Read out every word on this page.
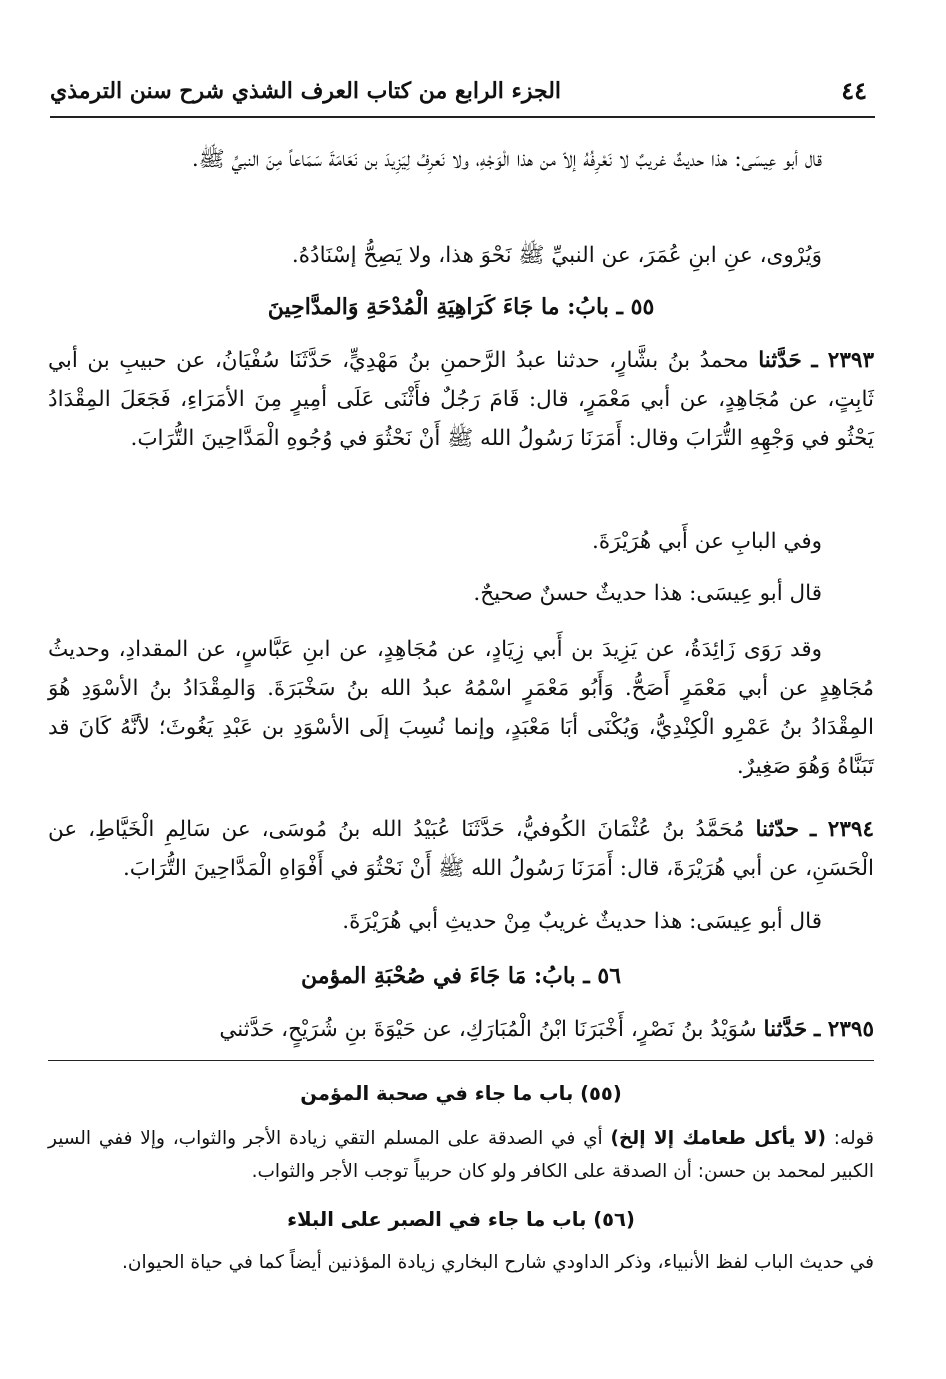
٤٤
الجزء الرابع من كتاب العرف الشذي شرح سنن الترمذي

قال أبو عِيسَى: هذا حديثٌ غريبٌ لا نَعْرِفُهُ إلاّ من هذا الْوَجْهِ، ولا نَعرِفُ لِيَزِيدَ بن نَعَامَةَ سَمَاعاً مِنَ النبيِّ ﷺ.

وَيُرْوى، عنِ ابنِ عُمَرَ، عن النبيِّ ﷺ نَحْوَ هذا، ولا يَصِحُّ إسْنَادُهُ.

٥٥ ـ بابُ: ما جَاءَ كَرَاهِيَةِ الْمُدْحَةِ وَالمدَّاحِينَ

٢٣٩٣ ـ حَدَّثنا محمدُ بنُ بشَّارٍ، حدثنا عبدُ الرَّحمنِ بنُ مَهْدِيٍّ، حَدَّثَنَا سُفْيَانُ، عن حبيبِ بن أبي ثَابِتٍ، عن مُجَاهِدٍ، عن أبي مَعْمَرٍ، قال: قَامَ رَجُلٌ فأَثْنَى عَلَى أمِيرٍ مِنَ الأمَرَاءِ، فَجَعَلَ المِقْدَادُ يَحْثُو في وَجْهِهِ التُّرَابَ وقال: أَمَرَنَا رَسُولُ الله ﷺ أَنْ نَحْثُوَ في وُجُوهِ الْمَدَّاحِينَ التُّرَابَ.

وفي البابِ عن أَبي هُرَيْرَةَ.

قال أبو عِيسَى: هذا حديثٌ حسنٌ صحيحٌ.

وقد رَوَى زَائِدَةُ، عن يَزِيدَ بن أَبي زِيَادٍ، عن مُجَاهِدٍ، عن ابنِ عَبَّاسٍ، عن المقدادِ، وحديثُ مُجَاهِدٍ عن أبي مَعْمَرٍ أَصَحُّ. وَأَبُو مَعْمَرٍ اسْمُهُ عبدُ الله بنُ سَخْبَرَةَ. وَالمِقْدَادُ بنُ الأسْوَدِ هُوَ المِقْدَادُ بنُ عَمْرِو الْكِنْدِيُّ، وَيُكْنَى أبَا مَعْبَدٍ، وإنما نُسِبَ إلَى الأسْوَدِ بن عَبْدِ يَغُوثَ؛ لأنَّهُ كَانَ قد تَبَنَّاهُ وَهُوَ صَغِيرٌ.

٢٣٩٤ ـ حدّثنا مُحَمَّدُ بنُ عُثْمَانَ الكُوفيُّ، حَدَّثَنَا عُبَيْدُ الله بنُ مُوسَى، عن سَالِمِ الْخَيَّاطِ، عن الْحَسَنِ، عن أبي هُرَيْرَةَ، قال: أَمَرَنَا رَسُولُ الله ﷺ أَنْ نَحْثُوَ في أَفْوَاهِ الْمَدَّاحِينَ التُّرَابَ.

قال أبو عِيسَى: هذا حديثٌ غريبٌ مِنْ حديثِ أبي هُرَيْرَةَ.

٥٦ ـ بابُ: مَا جَاءَ في صُحْبَةِ المؤمن

٢٣٩٥ ـ حَدَّثنا سُوَيْدُ بنُ نَصْرٍ، أَخْبَرَنَا ابْنُ الْمُبَارَكِ، عن حَيْوَةَ بنِ شُرَيْحٍ، حَدَّثني

(٥٥) باب ما جاء في صحبة المؤمن

قوله: (لا يأكل طعامك إلا إلخ) أي في الصدقة على المسلم التقي زيادة الأجر والثواب، وإلا ففي السير الكبير لمحمد بن حسن: أن الصدقة على الكافر ولو كان حربياً توجب الأجر والثواب.

(٥٦) باب ما جاء في الصبر على البلاء

في حديث الباب لفظ الأنبياء، وذكر الداودي شارح البخاري زيادة المؤذنين أيضاً كما في حياة الحيوان.
